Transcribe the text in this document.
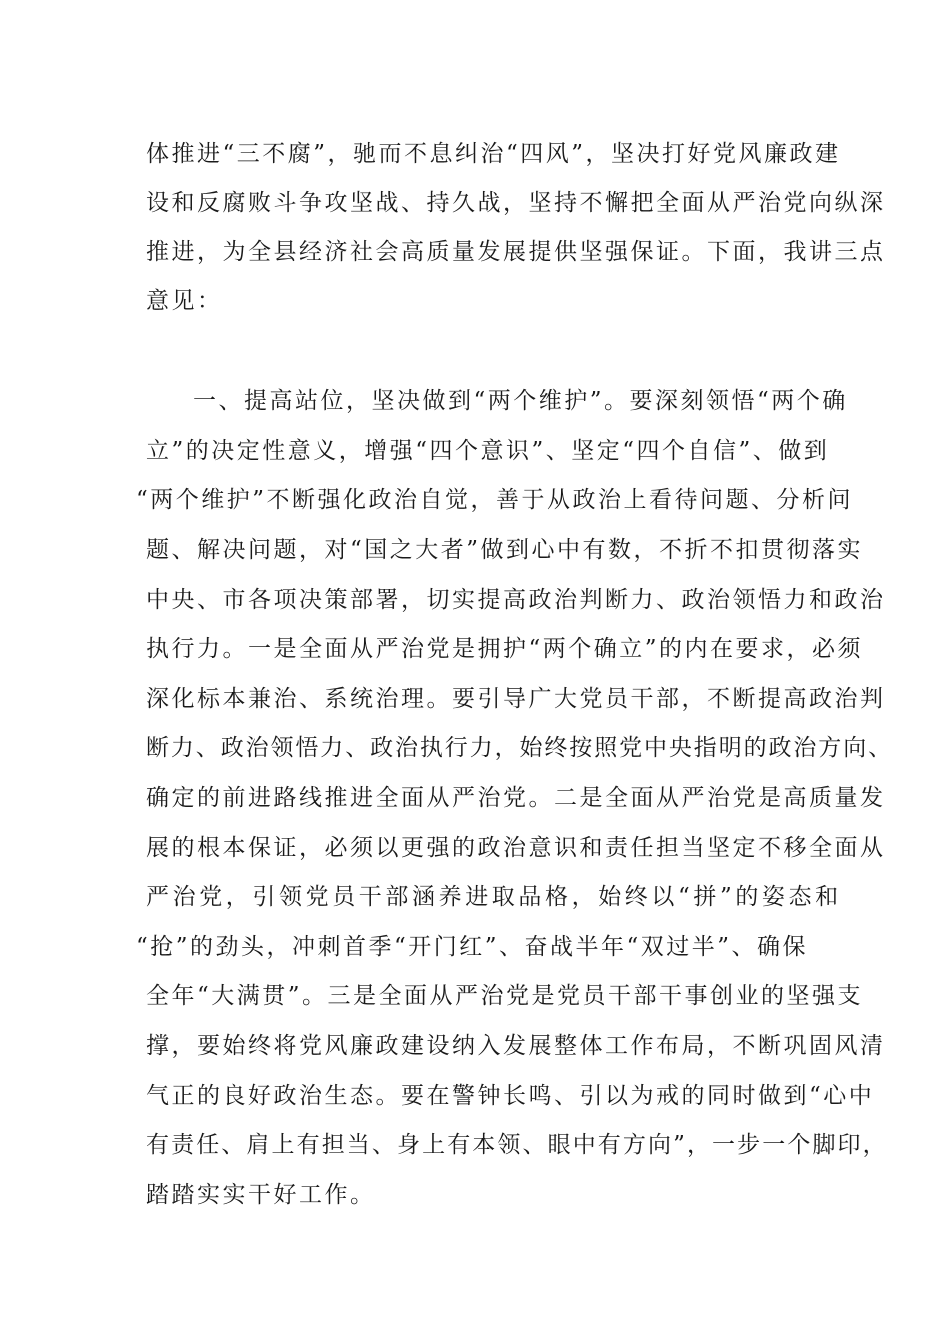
体推进“三不腐”，驰而不息纠治“四风”，坚决打好党风廉政建
设和反腐败斗争攻坚战、持久战，坚持不懈把全面从严治党向纵深
推进，为全县经济社会高质量发展提供坚强保证。下面，我讲三点
意见：
一、提高站位，坚决做到“两个维护”。要深刻领悟“两个确
立”的决定性意义，增强“四个意识”、坚定“四个自信”、做到
“两个维护”不断强化政治自觉，善于从政治上看待问题、分析问
题、解决问题，对“国之大者”做到心中有数，不折不扣贯彻落实
中央、市各项决策部署，切实提高政治判断力、政治领悟力和政治
执行力。一是全面从严治党是拥护“两个确立”的内在要求，必须
深化标本兼治、系统治理。要引导广大党员干部，不断提高政治判
断力、政治领悟力、政治执行力，始终按照党中央指明的政治方向、
确定的前进路线推进全面从严治党。二是全面从严治党是高质量发
展的根本保证，必须以更强的政治意识和责任担当坚定不移全面从
严治党，引领党员干部涵养进取品格，始终以“拼”的姿态和
“抢”的劲头，冲刺首季“开门红”、奋战半年“双过半”、确保
全年“大满贯”。三是全面从严治党是党员干部干事创业的坚强支
撑，要始终将党风廉政建设纳入发展整体工作布局，不断巩固风清
气正的良好政治生态。要在警钟长鸣、引以为戒的同时做到“心中
有责任、肩上有担当、身上有本领、眼中有方向”，一步一个脚印，
踏踏实实干好工作。
